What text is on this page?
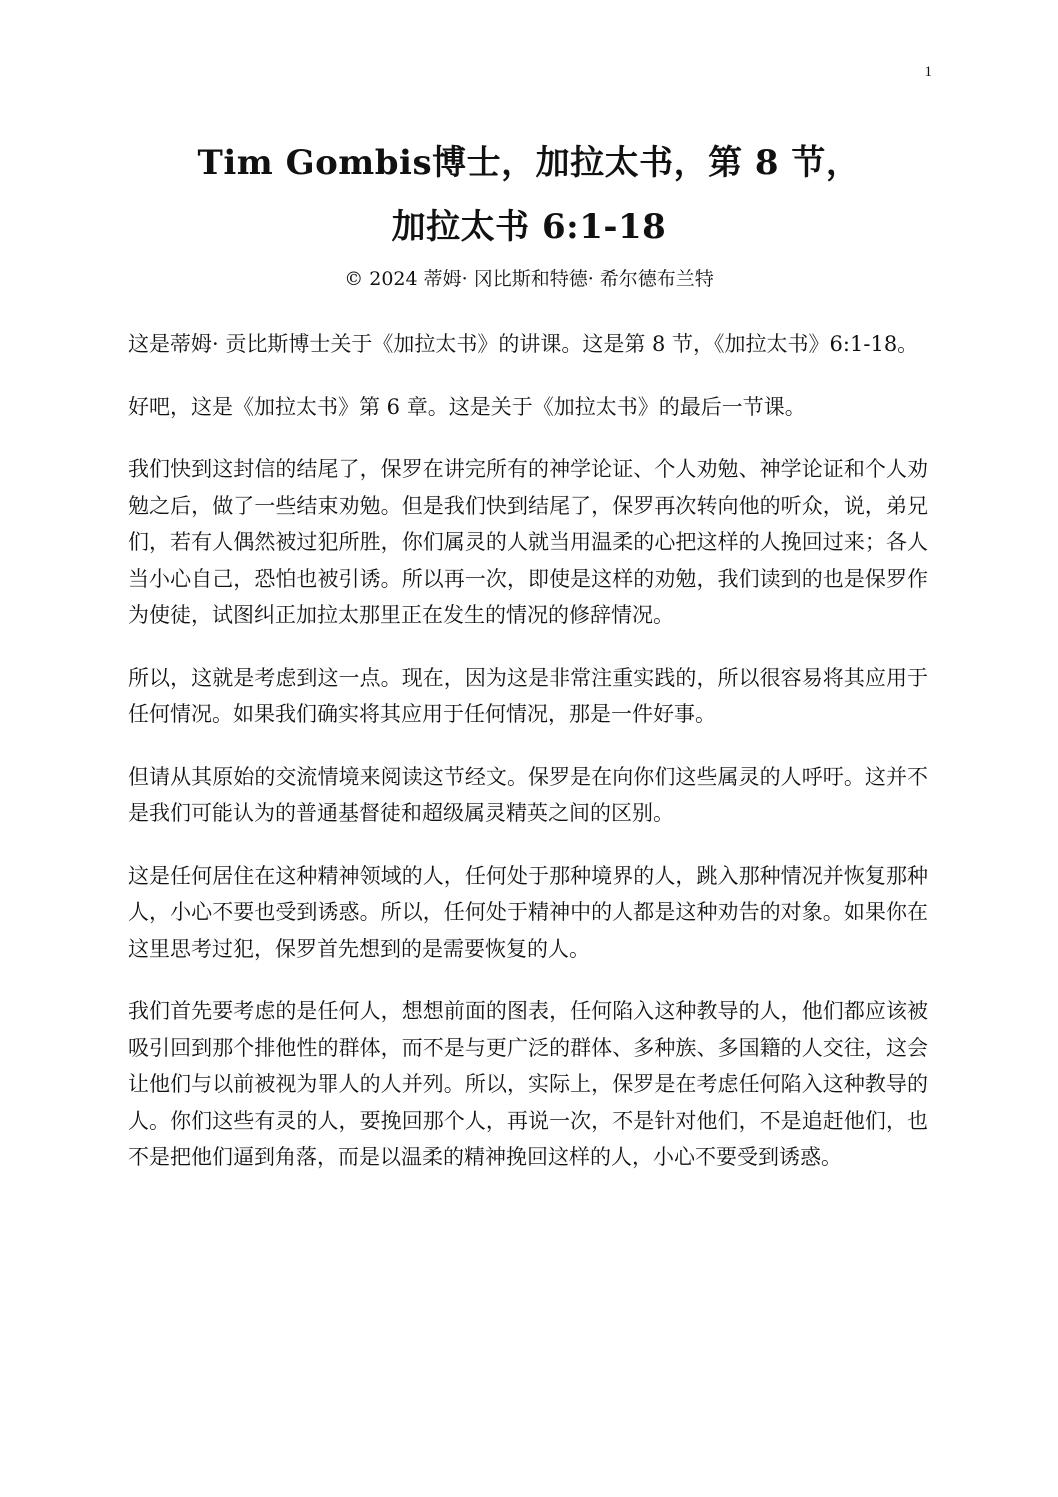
1
Tim Gombis博士，加拉太书，第 8 节，
加拉太书 6:1-18
© 2024 蒂姆· 冈比斯和特德· 希尔德布兰特

这是蒂姆· 贡比斯博士关于《加拉太书》的讲课。这是第 8 节，《加拉太书》6:1-18。

好吧，这是《加拉太书》第 6 章。这是关于《加拉太书》的最后一节课。

我们快到这封信的结尾了，保罗在讲完所有的神学论证、个人劝勉、神学论证和个人劝勉之后，做了一些结束劝勉。但是我们快到结尾了，保罗再次转向他的听众，说，弟兄们，若有人偶然被过犯所胜，你们属灵的人就当用温柔的心把这样的人挽回过来；各人当小心自己，恐怕也被引诱。所以再一次，即使是这样的劝勉，我们读到的也是保罗作为使徒，试图纠正加拉太那里正在发生的情况的修辞情况。

所以，这就是考虑到这一点。现在，因为这是非常注重实践的，所以很容易将其应用于任何情况。如果我们确实将其应用于任何情况，那是一件好事。

但请从其原始的交流情境来阅读这节经文。保罗是在向你们这些属灵的人呼吁。这并不是我们可能认为的普通基督徒和超级属灵精英之间的区别。

这是任何居住在这种精神领域的人，任何处于那种境界的人，跳入那种情况并恢复那种人，小心不要也受到诱惑。所以，任何处于精神中的人都是这种劝告的对象。如果你在这里思考过犯，保罗首先想到的是需要恢复的人。

我们首先要考虑的是任何人，想想前面的图表，任何陷入这种教导的人，他们都应该被吸引回到那个排他性的群体，而不是与更广泛的群体、多种族、多国籍的人交往，这会让他们与以前被视为罪人的人并列。所以，实际上，保罗是在考虑任何陷入这种教导的人。你们这些有灵的人，要挽回那个人，再说一次，不是针对他们，不是追赶他们，也不是把他们逼到角落，而是以温柔的精神挽回这样的人，小心不要受到诱惑。
